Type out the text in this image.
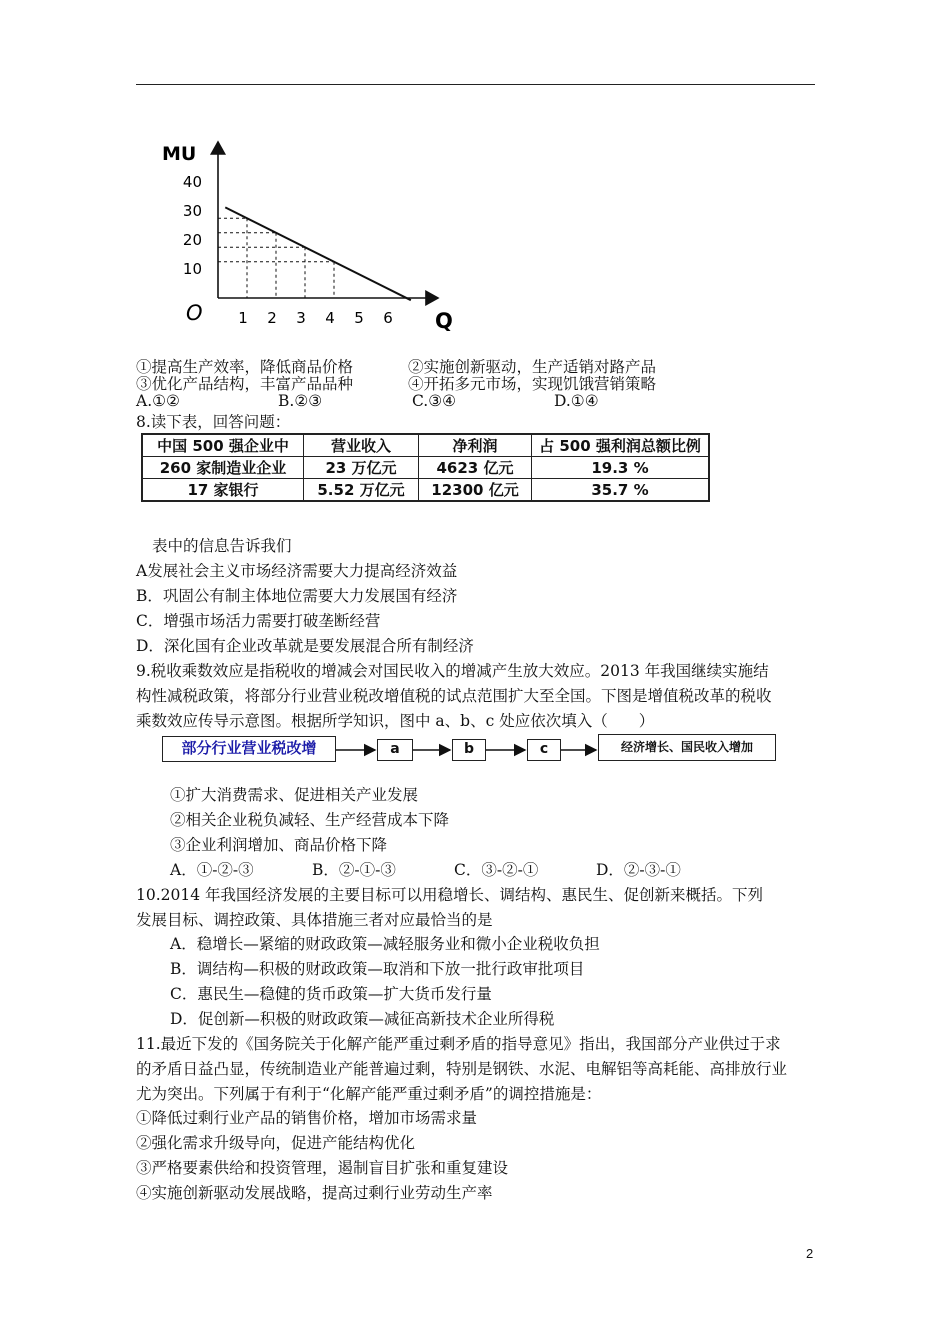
40
30
20
10
1 2 3 4 5 6
MU
Q
O
①提高生产效率，降低商品价格	②实施创新驱动，生产适销对路产品
③优化产品结构，丰富产品品种	④开拓多元市场，实现饥饿营销策略
A.①②	B.②③	C.③④	D.①④
8.读下表，回答问题：
中国 500 强企业中	营业收入	净利润	占 500 强利润总额比例
260 家制造业企业	23 万亿元	4623 亿元	19.3 %
17 家银行	5.52 万亿元	12300 亿元	35.7 %
表中的信息告诉我们
A发展社会主义市场经济需要大力提高经济效益
B．巩固公有制主体地位需要大力发展国有经济
C．增强市场活力需要打破垄断经营
D．深化国有企业改革就是要发展混合所有制经济
9.税收乘数效应是指税收的增减会对国民收入的增减产生放大效应。2013 年我国继续实施结
构性减税政策，将部分行业营业税改增值税的试点范围扩大至全国。下图是增值税改革的税收
乘数效应传导示意图。根据所学知识，图中 a、b、c 处应依次填入（　　）
部分行业营业税改增	a	b	c	经济增长、国民收入增加
①扩大消费需求、促进相关产业发展
②相关企业税负减轻、生产经营成本下降
③企业利润增加、商品价格下降
A．①-②-③	B．②-①-③	C．③-②-①	D．②-③-①
10.2014 年我国经济发展的主要目标可以用稳增长、调结构、惠民生、促创新来概括。下列
发展目标、调控政策、具体措施三者对应最恰当的是
A．稳增长—紧缩的财政政策—减轻服务业和微小企业税收负担
B．调结构—积极的财政政策—取消和下放一批行政审批项目
C．惠民生—稳健的货币政策—扩大货币发行量
D．促创新—积极的财政政策—减征高新技术企业所得税
11.最近下发的《国务院关于化解产能严重过剩矛盾的指导意见》指出，我国部分产业供过于求
的矛盾日益凸显，传统制造业产能普遍过剩，特别是钢铁、水泥、电解铝等高耗能、高排放行业
尤为突出。下列属于有利于“化解产能严重过剩矛盾”的调控措施是：
①降低过剩行业产品的销售价格，增加市场需求量
②强化需求升级导向，促进产能结构优化
③严格要素供给和投资管理，遏制盲目扩张和重复建设
④实施创新驱动发展战略，提高过剩行业劳动生产率
2
